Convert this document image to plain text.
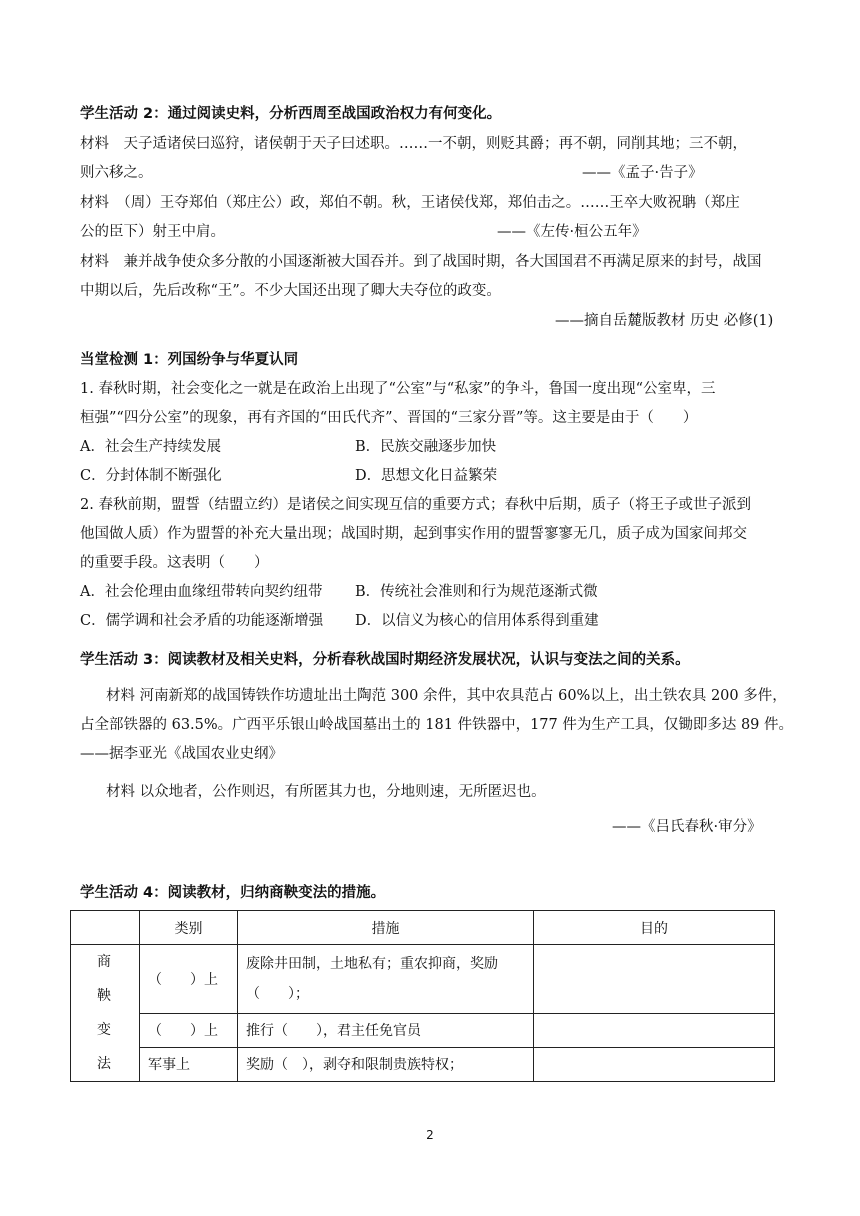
学生活动 2：通过阅读史料，分析西周至战国政治权力有何变化。
材料　天子适诸侯曰巡狩，诸侯朝于天子曰述职。……一不朝，则贬其爵；再不朝，同削其地；三不朝，
则六移之。	——《孟子·告子》
材料　（周）王夺郑伯（郑庄公）政，郑伯不朝。秋，王诸侯伐郑，郑伯击之。……王卒大败祝聃（郑庄
公的臣下）射王中肩。	——《左传·桓公五年》
材料　兼并战争使众多分散的小国逐渐被大国吞并。到了战国时期，各大国国君不再满足原来的封号，战国
中期以后，先后改称“王”。不少大国还出现了卿大夫夺位的政变。
——摘自岳麓版教材 历史 必修(1)
当堂检测 1：列国纷争与华夏认同
1. 春秋时期，社会变化之一就是在政治上出现了“公室”与“私家”的争斗，鲁国一度出现“公室卑，三
桓强”“四分公室”的现象，再有齐国的“田氏代齐”、晋国的“三家分晋”等。这主要是由于（　　）
A．社会生产持续发展	B．民族交融逐步加快
C．分封体制不断强化	D．思想文化日益繁荣
2. 春秋前期，盟誓（结盟立约）是诸侯之间实现互信的重要方式；春秋中后期，质子（将王子或世子派到
他国做人质）作为盟誓的补充大量出现；战国时期，起到事实作用的盟誓寥寥无几，质子成为国家间邦交
的重要手段。这表明（　　）
A．社会伦理由血缘纽带转向契约纽带 B．传统社会准则和行为规范逐渐式微
C．儒学调和社会矛盾的功能逐渐增强 D．以信义为核心的信用体系得到重建
学生活动 3：阅读教材及相关史料，分析春秋战国时期经济发展状况，认识与变法之间的关系。
材料 河南新郑的战国铸铁作坊遗址出土陶范 300 余件，其中农具范占 60%以上，出土铁农具 200 多件，
占全部铁器的 63.5%。广西平乐银山岭战国墓出土的 181 件铁器中，177 件为生产工具，仅锄即多达 89 件。
——据李亚光《战国农业史纲》
材料 以众地者，公作则迟，有所匿其力也，分地则速，无所匿迟也。
——《吕氏春秋·审分》
学生活动 4：阅读教材，归纳商鞅变法的措施。
	类别	措施	目的

商鞅变法	（　　）上	废除井田制，土地私有；重农抑商，奖励
（　　）；	

	（　　）上	推行（　　），君主任免官员	
	军事上	奖励（　），剥夺和限制贵族特权；	
2
